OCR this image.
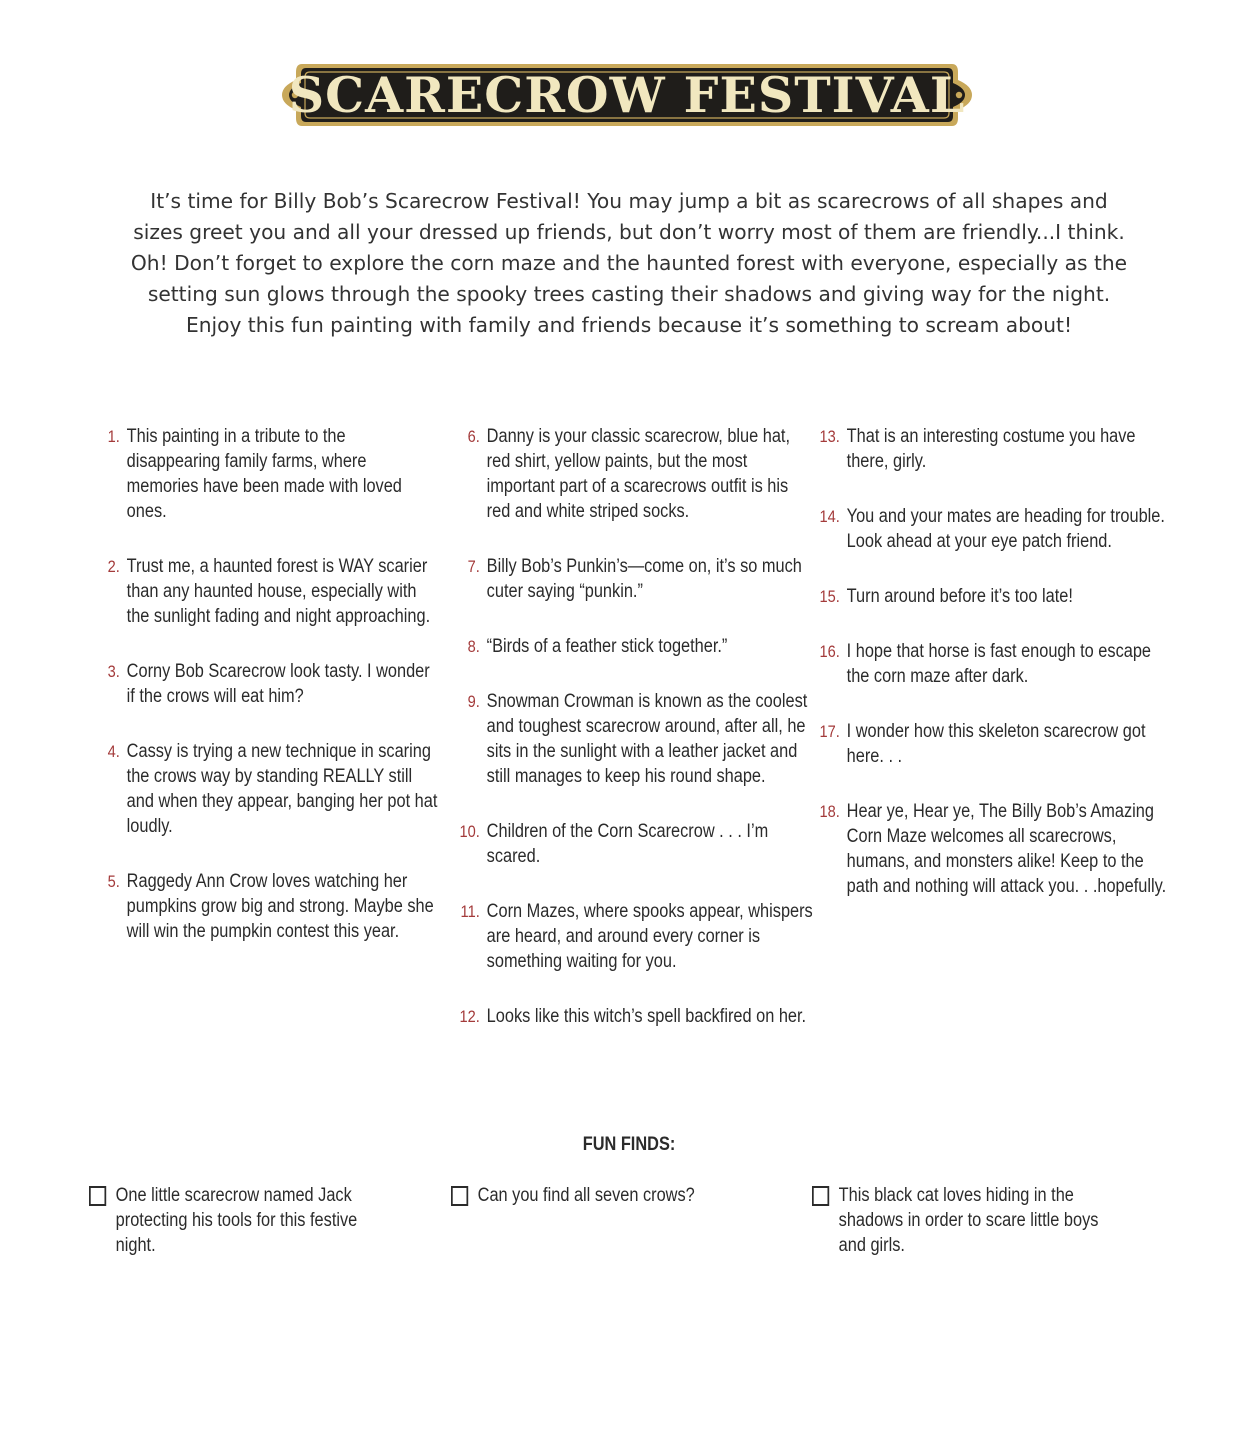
SCARECROW FESTIVAL

It’s time for Billy Bob’s Scarecrow Festival! You may jump a bit as scarecrows of all shapes and sizes greet you and all your dressed up friends, but don’t worry most of them are friendly...I think. Oh! Don’t forget to explore the corn maze and the haunted forest with everyone, especially as the setting sun glows through the spooky trees casting their shadows and giving way for the night. Enjoy this fun painting with family and friends because it’s something to scream about!

1. This painting in a tribute to the disappearing family farms, where memories have been made with loved ones.

2. Trust me, a haunted forest is WAY scarier than any haunted house, especially with the sunlight fading and night approaching.

3. Corny Bob Scarecrow look tasty. I wonder if the crows will eat him?

4. Cassy is trying a new technique in scaring the crows way by standing REALLY still and when they appear, banging her pot hat loudly.

5. Raggedy Ann Crow loves watching her pumpkins grow big and strong. Maybe she will win the pumpkin contest this year.

6. Danny is your classic scarecrow, blue hat, red shirt, yellow paints, but the most important part of a scarecrows outfit is his red and white striped socks.

7. Billy Bob’s Punkin’s—come on, it’s so much cuter saying “punkin.”

8. “Birds of a feather stick together.”

9. Snowman Crowman is known as the coolest and toughest scarecrow around, after all, he sits in the sunlight with a leather jacket and still manages to keep his round shape.

10. Children of the Corn Scarecrow . . . I’m scared.

11. Corn Mazes, where spooks appear, whispers are heard, and around every corner is something waiting for you.

12. Looks like this witch’s spell backfired on her.

13. That is an interesting costume you have there, girly.

14. You and your mates are heading for trouble. Look ahead at your eye patch friend.

15. Turn around before it’s too late!

16. I hope that horse is fast enough to escape the corn maze after dark.

17. I wonder how this skeleton scarecrow got here. . .

18. Hear ye, Hear ye, The Billy Bob’s Amazing Corn Maze welcomes all scarecrows, humans, and monsters alike! Keep to the path and nothing will attack you. . .hopefully.

FUN FINDS:

One little scarecrow named Jack protecting his tools for this festive night.

Can you find all seven crows?	This black cat loves hiding in the shadows in order to scare little boys and girls.
